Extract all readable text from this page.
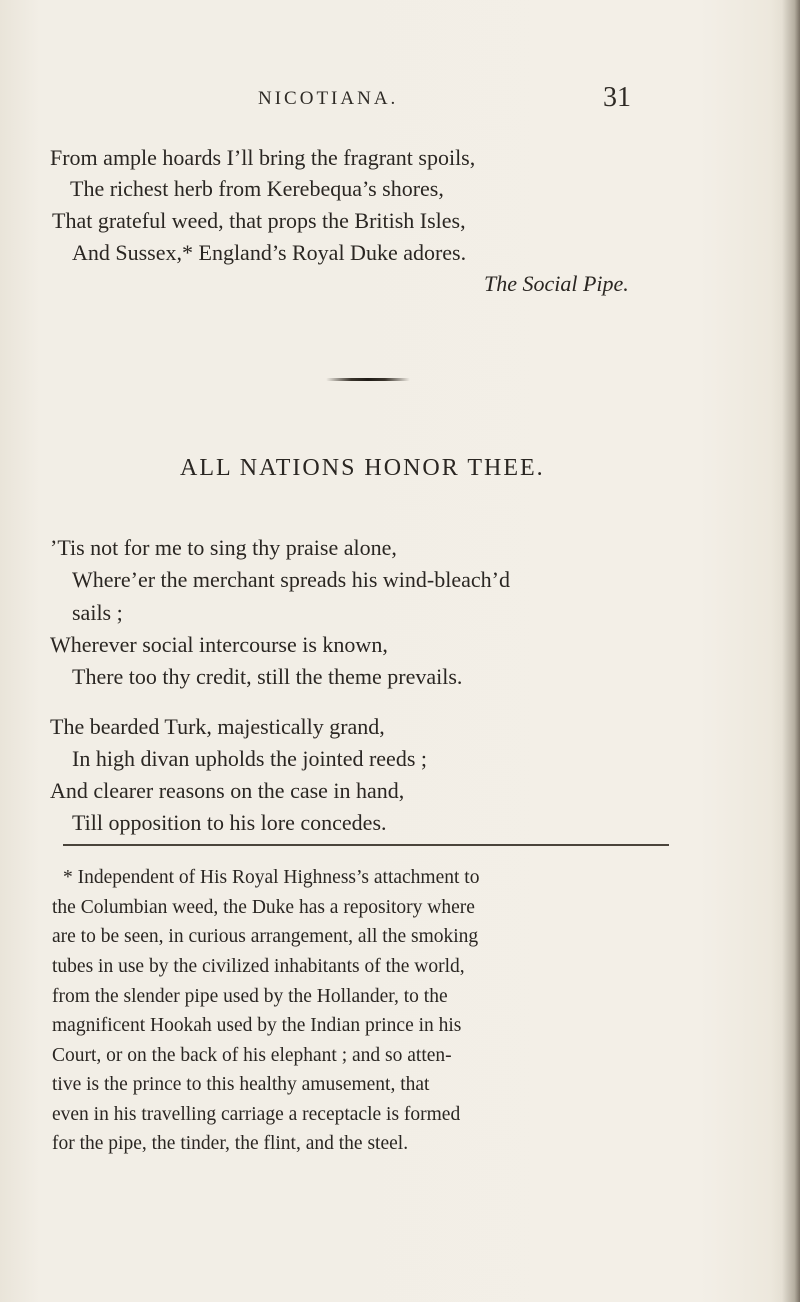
NICOTIANA.	31
From ample hoards I’ll bring the fragrant spoils,
The richest herb from Kerebequa’s shores,
That grateful weed, that props the British Isles,
And Sussex,* England’s Royal Duke adores.
The Social Pipe.
ALL NATIONS HONOR THEE.
’Tis not for me to sing thy praise alone,
Where’er the merchant spreads his wind-bleach’d
sails ;
Wherever social intercourse is known,
There too thy credit, still the theme prevails.
The bearded Turk, majestically grand,
In high divan upholds the jointed reeds ;
And clearer reasons on the case in hand,
Till opposition to his lore concedes.
* Independent of His Royal Highness’s attachment to
the Columbian weed, the Duke has a repository where
are to be seen, in curious arrangement, all the smoking
tubes in use by the civilized inhabitants of the world,
from the slender pipe used by the Hollander, to the
magnificent Hookah used by the Indian prince in his
Court, or on the back of his elephant ; and so atten-
tive is the prince to this healthy amusement, that
even in his travelling carriage a receptacle is formed
for the pipe, the tinder, the flint, and the steel.
